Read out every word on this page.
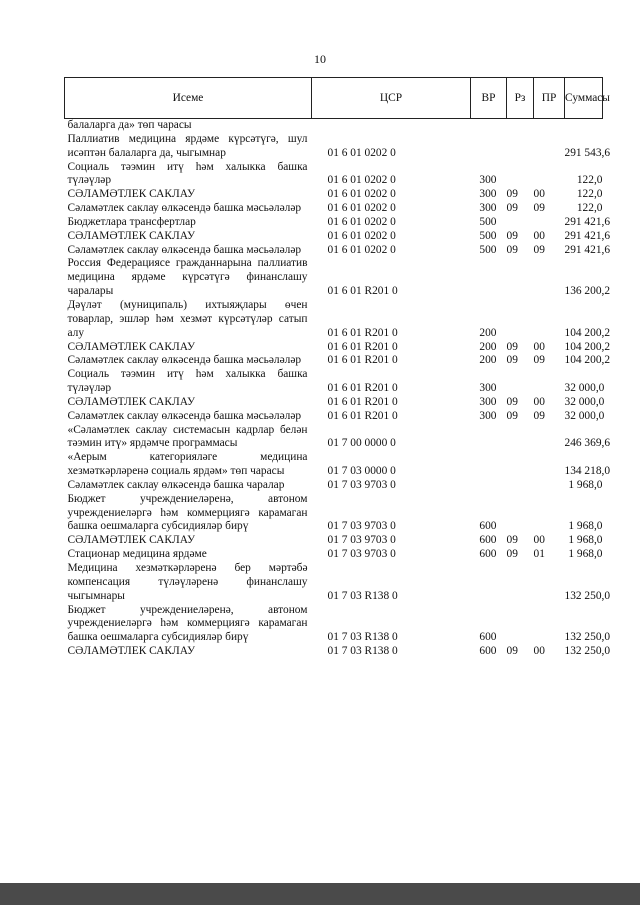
10
Исеме	ЦСР	ВР	Рз	ПР	Суммасы
балаларга да» төп чарасы					
Паллиатив медицина ярдәме күрсәтүгә, шул исәптән балаларга да, чыгымнар	01 6 01 0202 0				291 543,6
Социаль тәэмин итү һәм халыкка башка түләүләр	01 6 01 0202 0	300			122,0
СӘЛАМӘТЛЕК САКЛАУ	01 6 01 0202 0	300	09	00	122,0
Сәламәтлек саклау өлкәсендә башка мәсьәләләр	01 6 01 0202 0	300	09	09	122,0
Бюджетлара трансфертлар	01 6 01 0202 0	500			291 421,6
СӘЛАМӘТЛЕК САКЛАУ	01 6 01 0202 0	500	09	00	291 421,6
Сәламәтлек саклау өлкәсендә башка мәсьәләләр	01 6 01 0202 0	500	09	09	291 421,6
Россия Федерациясе гражданнарына паллиатив медицина ярдәме күрсәтүгә финанслашу чаралары	01 6 01 R201 0				136 200,2
Дәүләт (муниципаль) ихтыяҗлары өчен товарлар, эшләр һәм хезмәт күрсәтүләр сатып алу	01 6 01 R201 0	200			104 200,2
СӘЛАМӘТЛЕК САКЛАУ	01 6 01 R201 0	200	09	00	104 200,2
Сәламәтлек саклау өлкәсендә башка мәсьәләләр	01 6 01 R201 0	200	09	09	104 200,2
Социаль тәэмин итү һәм халыкка башка түләүләр	01 6 01 R201 0	300			32 000,0
СӘЛАМӘТЛЕК САКЛАУ	01 6 01 R201 0	300	09	00	32 000,0
Сәламәтлек саклау өлкәсендә башка мәсьәләләр	01 6 01 R201 0	300	09	09	32 000,0
«Сәламәтлек саклау системасын кадрлар белән тәэмин итү» ярдәмче программасы	01 7 00 0000 0				246 369,6
«Аерым категорияләге медицина хезмәткәрләренә социаль ярдәм» төп чарасы	01 7 03 0000 0				134 218,0
Сәламәтлек саклау өлкәсендә башка чаралар	01 7 03 9703 0				1 968,0
Бюджет учреждениеләренә, автоном учреждениеләргә һәм коммерциягә карамаган башка оешмаларга субсидияләр бирү	01 7 03 9703 0	600			1 968,0
СӘЛАМӘТЛЕК САКЛАУ	01 7 03 9703 0	600	09	00	1 968,0
Стационар медицина ярдәме	01 7 03 9703 0	600	09	01	1 968,0
Медицина хезмәткәрләренә бер мәртәбә компенсация түләүләренә финанслашу чыгымнары	01 7 03 R138 0				132 250,0
Бюджет учреждениеләренә, автоном учреждениеләргә һәм коммерциягә карамаган башка оешмаларга субсидияләр бирү	01 7 03 R138 0	600			132 250,0
СӘЛАМӘТЛЕК САКЛАУ	01 7 03 R138 0	600	09	00	132 250,0
